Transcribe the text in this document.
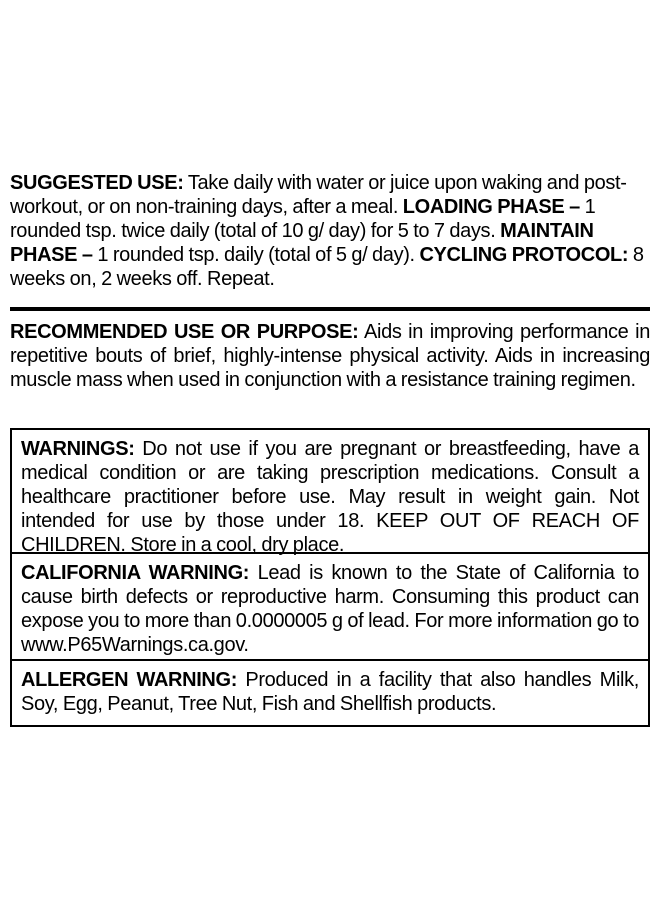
SUGGESTED USE: Take daily with water or juice upon waking and post-workout, or on non-training days, after a meal. LOADING PHASE – 1 rounded tsp. twice daily (total of 10 g/ day) for 5 to 7 days. MAINTAIN PHASE – 1 rounded tsp. daily (total of 5 g/ day). CYCLING PROTOCOL: 8 weeks on, 2 weeks off. Repeat.

RECOMMENDED USE OR PURPOSE: Aids in improving performance in repetitive bouts of brief, highly-intense physical activity. Aids in increasing muscle mass when used in conjunction with a resistance training regimen.

WARNINGS: Do not use if you are pregnant or breastfeeding, have a medical condition or are taking prescription medications. Consult a healthcare practitioner before use. May result in weight gain. Not intended for use by those under 18. KEEP OUT OF REACH OF CHILDREN. Store in a cool, dry place.

CALIFORNIA WARNING: Lead is known to the State of California to cause birth defects or reproductive harm. Consuming this product can expose you to more than 0.0000005 g of lead. For more information go to www.P65Warnings.ca.gov.

ALLERGEN WARNING: Produced in a facility that also handles Milk, Soy, Egg, Peanut, Tree Nut, Fish and Shellfish products.
